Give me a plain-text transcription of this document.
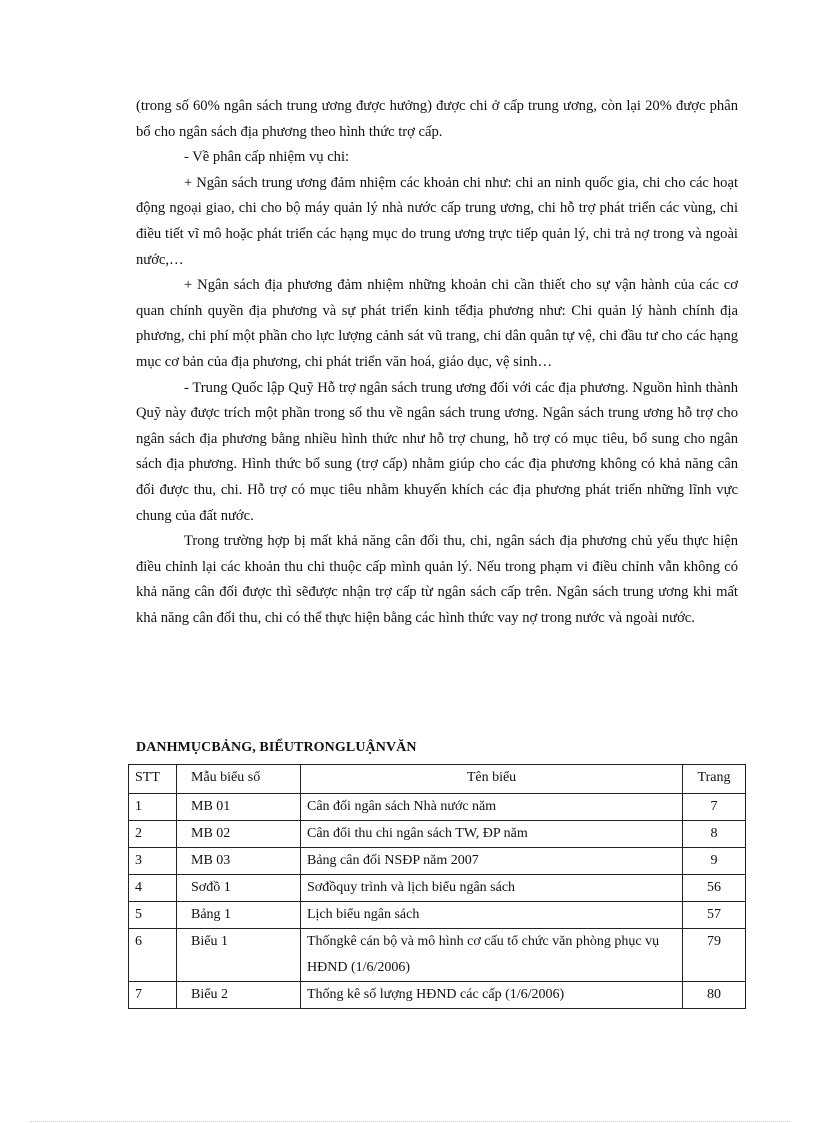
(trong số 60% ngân sách trung ương được hưởng) được chi ở cấp trung ương, còn lại 20% được phân bổ cho ngân sách địa phương theo hình thức trợ cấp.

- Về phân cấp nhiệm vụ chi:

+ Ngân sách trung ương đảm nhiệm các khoản chi như: chi an ninh quốc gia, chi cho các hoạt động ngoại giao, chi cho bộ máy quản lý nhà nước cấp trung ương, chi hỗ trợ phát triển các vùng, chi điều tiết vĩ mô hoặc phát triển các hạng mục do trung ương trực tiếp quản lý, chi trả nợ trong và ngoài nước,…

+ Ngân sách địa phương đảm nhiệm những khoản chi cần thiết cho sự vận hành của các cơ quan chính quyền địa phương và sự phát triển kinh tếđịa phương như: Chi quản lý hành chính địa phương, chi phí một phần cho lực lượng cảnh sát vũ trang, chi dân quân tự vệ, chi đầu tư cho các hạng mục cơ bản của địa phương, chi phát triển văn hoá, giáo dục, vệ sinh…

- Trung Quốc lập Quỹ Hỗ trợ ngân sách trung ương đối với các địa phương. Nguồn hình thành Quỹ này được trích một phần trong số thu về ngân sách trung ương. Ngân sách trung ương hỗ trợ cho ngân sách địa phương bằng nhiều hình thức như hỗ trợ chung, hỗ trợ có mục tiêu, bổ sung cho ngân sách địa phương. Hình thức bổ sung (trợ cấp) nhằm giúp cho các địa phương không có khả năng cân đối được thu, chi. Hỗ trợ có mục tiêu nhằm khuyến khích các địa phương phát triển những lĩnh vực chung của đất nước.

Trong trường hợp bị mất khả năng cân đối thu, chi, ngân sách địa phương chủ yếu thực hiện điều chỉnh lại các khoản thu chi thuộc cấp mình quản lý. Nếu trong phạm vi điều chỉnh vẫn không có khả năng cân đối được thì sẽđược nhận trợ cấp từ ngân sách cấp trên. Ngân sách trung ương khi mất khả năng cân đối thu, chi có thể thực hiện bằng các hình thức vay nợ trong nước và ngoài nước.

DANHMỤCBẢNG, BIỂUTRONGLUẬNVĂN
STT	Mẫu biểu số	Tên biểu	Trang
1	MB 01	Cân đối ngân sách Nhà nước năm	7
2	MB 02	Cân đối thu chi ngân sách TW, ĐP năm	8
3	MB 03	Bảng cân đối NSĐP năm 2007	9
4	Sơđồ 1	Sơđồquy trình và lịch biểu ngân sách	56
5	Bảng 1	Lịch biểu ngân sách	57
6	Biểu 1	Thốngkê cán bộ và mô hình cơ cấu tổ chức văn phòng phục vụ HĐND (1/6/2006)	79
7	Biểu 2	Thống kê số lượng HĐND các cấp (1/6/2006)	80
